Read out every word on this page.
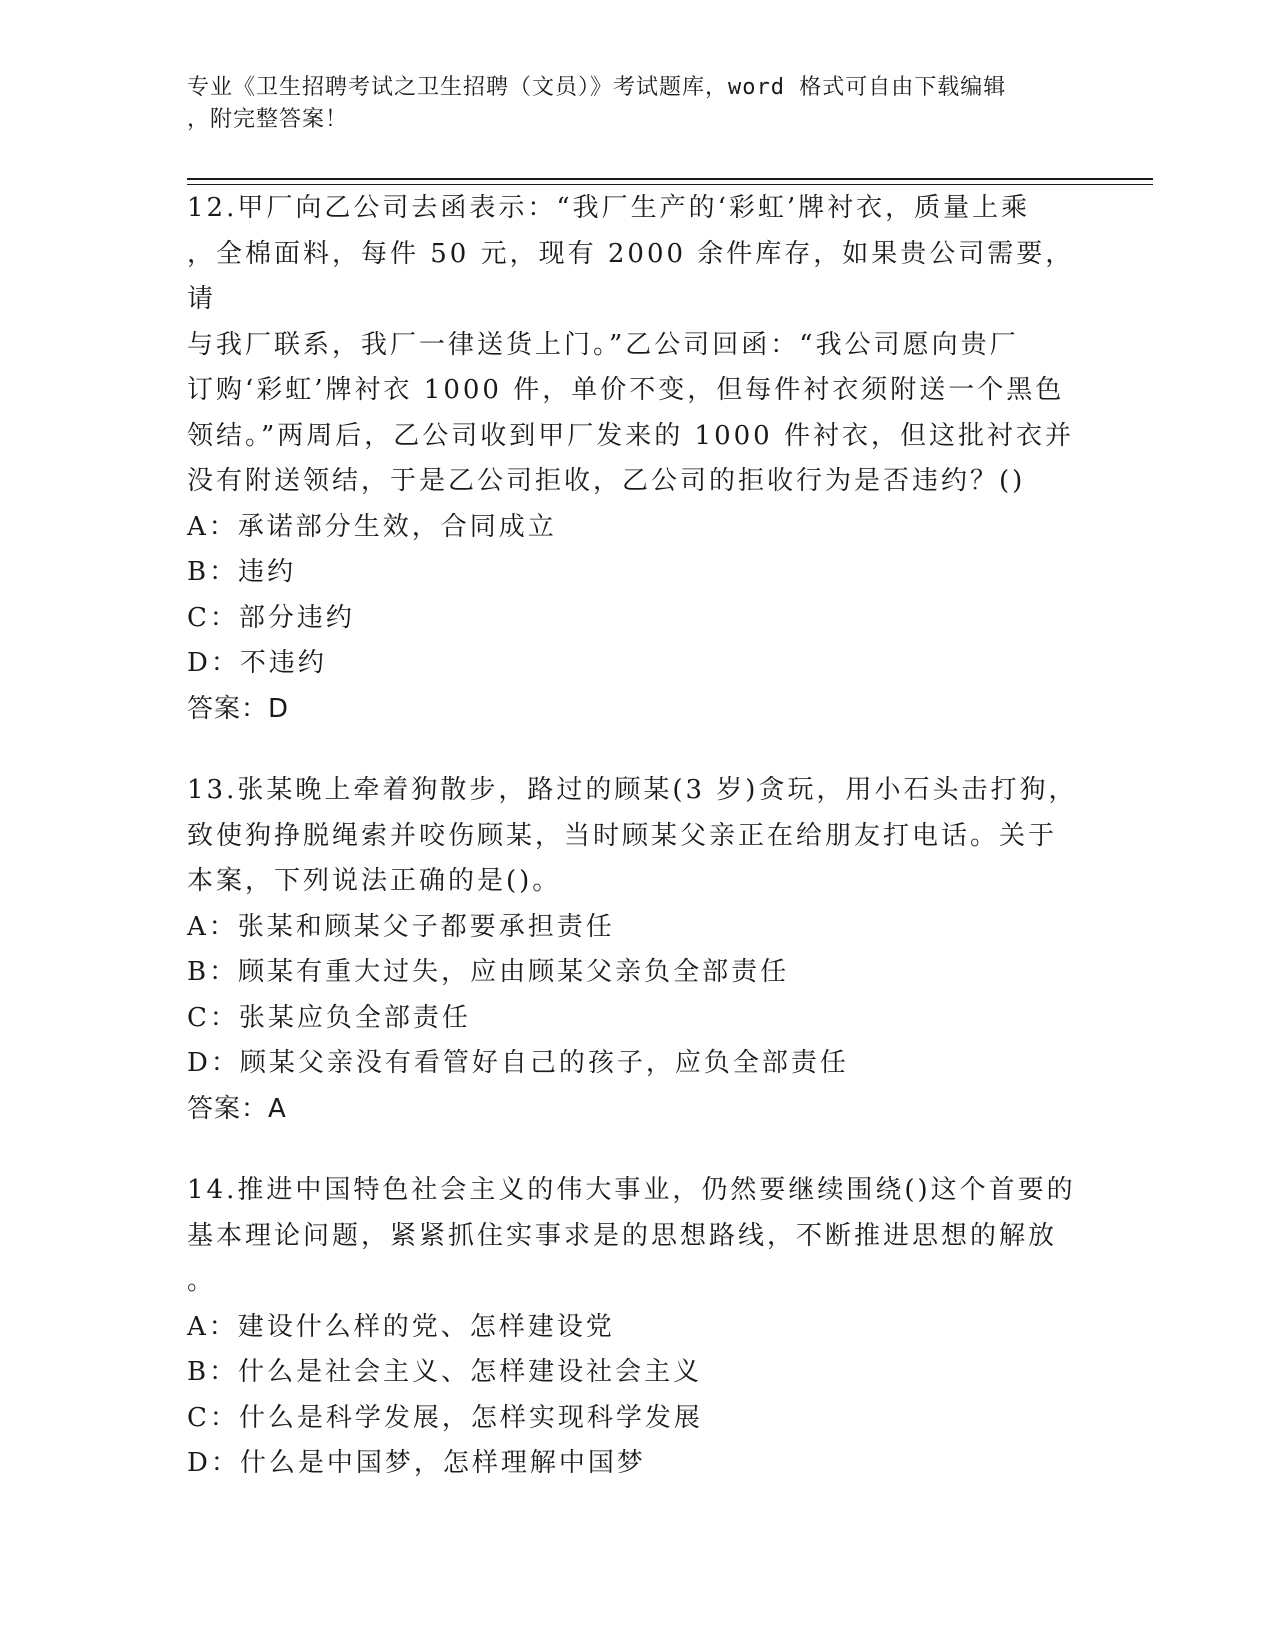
专业《卫生招聘考试之卫生招聘（文员）》考试题库，word 格式可自由下载编辑
，附完整答案！

12.甲厂向乙公司去函表示：“我厂生产的‘彩虹’牌衬衣，质量上乘
，全棉面料，每件 50 元，现有 2000 余件库存，如果贵公司需要，请
与我厂联系，我厂一律送货上门。”乙公司回函：“我公司愿向贵厂
订购‘彩虹’牌衬衣 1000 件，单价不变，但每件衬衣须附送一个黑色
领结。”两周后，乙公司收到甲厂发来的 1000 件衬衣，但这批衬衣并
没有附送领结，于是乙公司拒收，乙公司的拒收行为是否违约？()

A：承诺部分生效，合同成立

B：违约

C：部分违约

D：不违约

答案：D

13.张某晚上牵着狗散步，路过的顾某(3 岁)贪玩，用小石头击打狗，
致使狗挣脱绳索并咬伤顾某，当时顾某父亲正在给朋友打电话。关于
本案，下列说法正确的是()。

A：张某和顾某父子都要承担责任

B：顾某有重大过失，应由顾某父亲负全部责任

C：张某应负全部责任

D：顾某父亲没有看管好自己的孩子，应负全部责任

答案：A

14.推进中国特色社会主义的伟大事业，仍然要继续围绕()这个首要的
基本理论问题，紧紧抓住实事求是的思想路线，不断推进思想的解放
。

A：建设什么样的党、怎样建设党

B：什么是社会主义、怎样建设社会主义

C：什么是科学发展，怎样实现科学发展

D：什么是中国梦，怎样理解中国梦
